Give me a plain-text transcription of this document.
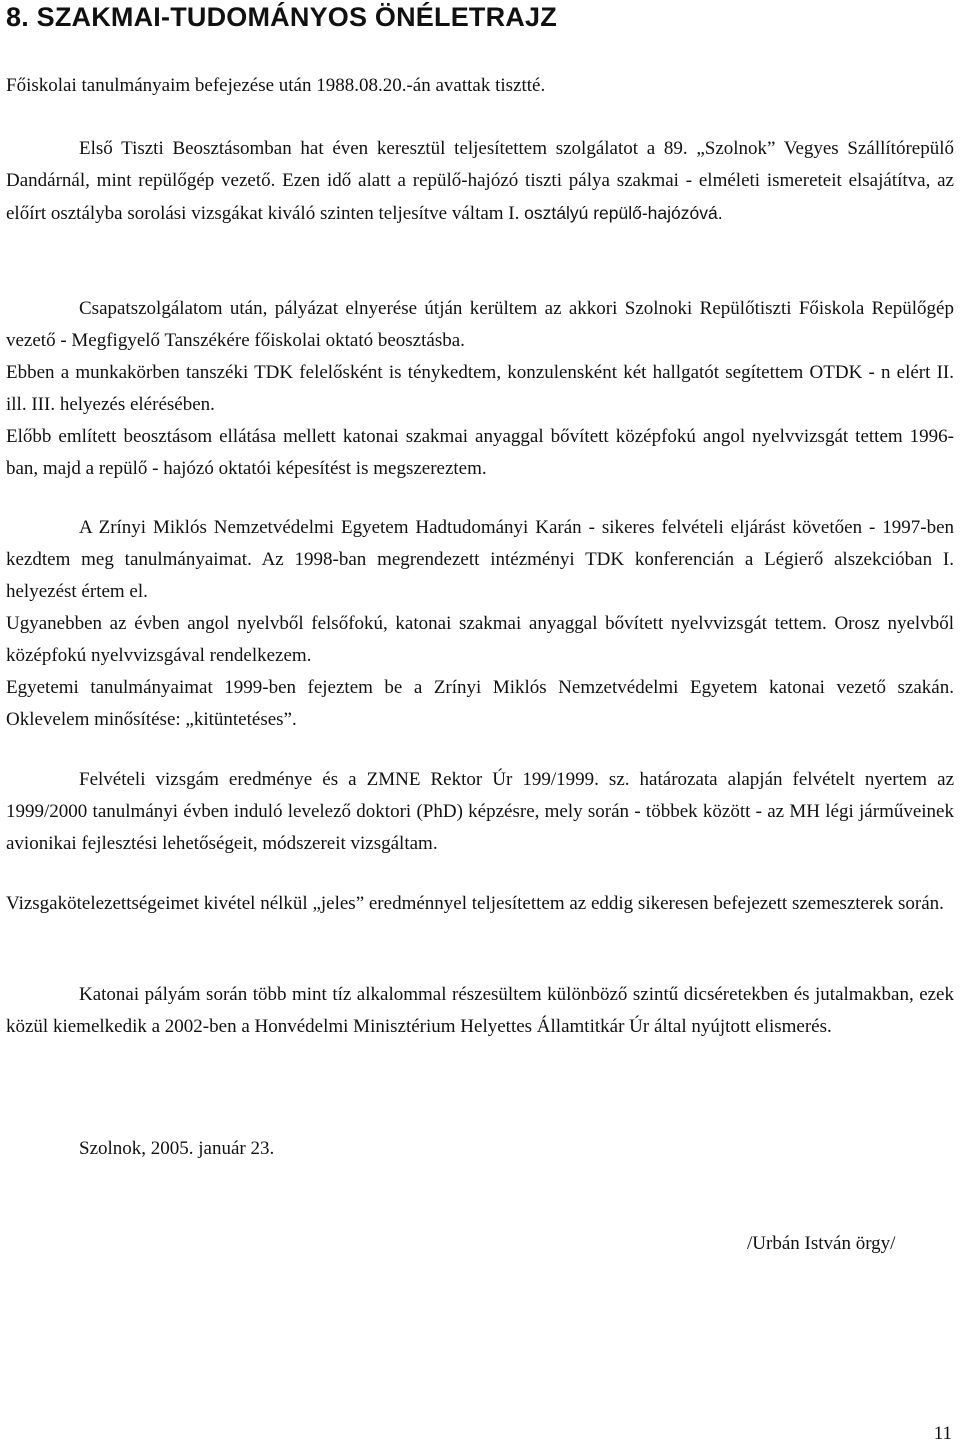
8. SZAKMAI-TUDOMÁNYOS ÖNÉLETRAJZ

Főiskolai tanulmányaim befejezése után 1988.08.20.-án avattak tisztté.

Első Tiszti Beosztásomban hat éven keresztül teljesítettem szolgálatot a 89. „Szolnok” Vegyes Szállítórepülő Dandárnál, mint repülőgép vezető. Ezen idő alatt a repülő-hajózó tiszti pálya szakmai - elméleti ismereteit elsajátítva, az előírt osztályba sorolási vizsgákat kiváló szinten teljesítve váltam I. osztályú repülő-hajózóvá.

Csapatszolgálatom után, pályázat elnyerése útján kerültem az akkori Szolnoki Repülőtiszti Főiskola Repülőgép vezető - Megfigyelő Tanszékére főiskolai oktató beosztásba.

Ebben a munkakörben tanszéki TDK felelősként is ténykedtem, konzulensként két hallgatót segítettem OTDK - n elért II. ill. III. helyezés elérésében.

Előbb említett beosztásom ellátása mellett katonai szakmai anyaggal bővített középfokú angol nyelvvizsgát tettem 1996-ban, majd a repülő - hajózó oktatói képesítést is megszereztem.

A Zrínyi Miklós Nemzetvédelmi Egyetem Hadtudományi Karán - sikeres felvételi eljárást követően - 1997-ben kezdtem meg tanulmányaimat. Az 1998-ban megrendezett intézményi TDK konferencián a Légierő alszekcióban I. helyezést értem el.

Ugyanebben az évben angol nyelvből felsőfokú, katonai szakmai anyaggal bővített nyelvvizsgát tettem. Orosz nyelvből középfokú nyelvvizsgával rendelkezem.

Egyetemi tanulmányaimat 1999-ben fejeztem be a Zrínyi Miklós Nemzetvédelmi Egyetem katonai vezető szakán. Oklevelem minősítése: „kitüntetéses”.

Felvételi vizsgám eredménye és a ZMNE Rektor Úr 199/1999. sz. határozata alapján felvételt nyertem az 1999/2000 tanulmányi évben induló levelező doktori (PhD) képzésre, mely során - többek között - az MH légi járműveinek avionikai fejlesztési lehetőségeit, módszereit vizsgáltam.

Vizsgakötelezettségeimet kivétel nélkül „jeles” eredménnyel teljesítettem az eddig sikeresen befejezett szemeszterek során.

Katonai pályám során több mint tíz alkalommal részesültem különböző szintű dicséretekben és jutalmakban, ezek közül kiemelkedik a 2002-ben a Honvédelmi Minisztérium Helyettes Államtitkár Úr által nyújtott elismerés.

Szolnok, 2005. január 23.
/Urbán István örgy/
11
